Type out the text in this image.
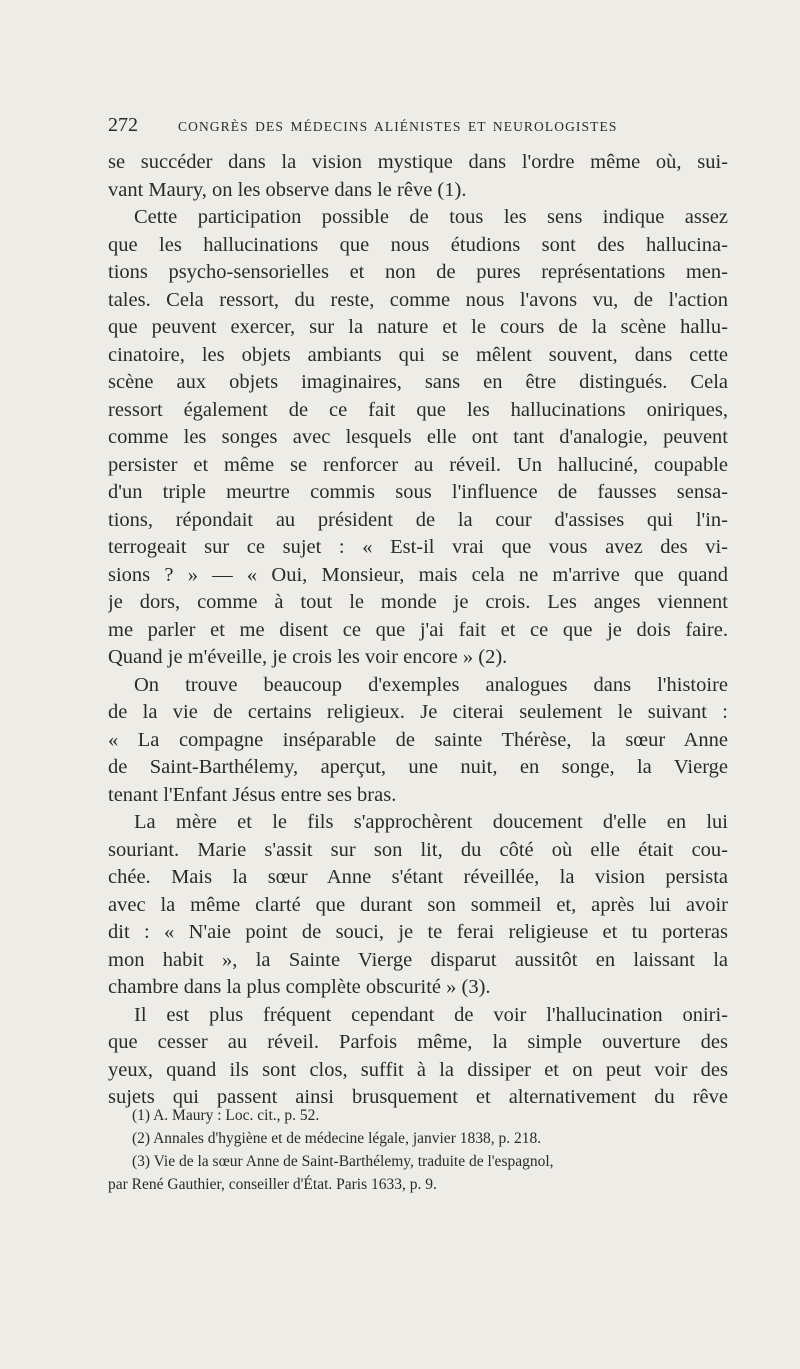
272	CONGRÈS DES MÉDECINS ALIÉNISTES ET NEUROLOGISTES
se succéder dans la vision mystique dans l'ordre même où, sui-
vant Maury, on les observe dans le rêve (1).
Cette participation possible de tous les sens indique assez
que les hallucinations que nous étudions sont des hallucina-
tions psycho-sensorielles et non de pures représentations men-
tales. Cela ressort, du reste, comme nous l'avons vu, de l'action
que peuvent exercer, sur la nature et le cours de la scène hallu-
cinatoire, les objets ambiants qui se mêlent souvent, dans cette
scène aux objets imaginaires, sans en être distingués. Cela
ressort également de ce fait que les hallucinations oniriques,
comme les songes avec lesquels elle ont tant d'analogie, peuvent
persister et même se renforcer au réveil. Un halluciné, coupable
d'un triple meurtre commis sous l'influence de fausses sensa-
tions, répondait au président de la cour d'assises qui l'in-
terrogeait sur ce sujet : « Est-il vrai que vous avez des vi-
sions ? » — « Oui, Monsieur, mais cela ne m'arrive que quand
je dors, comme à tout le monde je crois. Les anges viennent
me parler et me disent ce que j'ai fait et ce que je dois faire.
Quand je m'éveille, je crois les voir encore » (2).
On trouve beaucoup d'exemples analogues dans l'histoire
de la vie de certains religieux. Je citerai seulement le suivant :
« La compagne inséparable de sainte Thérèse, la sœur Anne
de Saint-Barthélemy, aperçut, une nuit, en songe, la Vierge
tenant l'Enfant Jésus entre ses bras.
La mère et le fils s'approchèrent doucement d'elle en lui
souriant. Marie s'assit sur son lit, du côté où elle était cou-
chée. Mais la sœur Anne s'étant réveillée, la vision persista
avec la même clarté que durant son sommeil et, après lui avoir
dit : « N'aie point de souci, je te ferai religieuse et tu porteras
mon habit », la Sainte Vierge disparut aussitôt en laissant la
chambre dans la plus complète obscurité » (3).
Il est plus fréquent cependant de voir l'hallucination oniri-
que cesser au réveil. Parfois même, la simple ouverture des
yeux, quand ils sont clos, suffit à la dissiper et on peut voir des
sujets qui passent ainsi brusquement et alternativement du rêve
(1) A. Maury : Loc. cit., p. 52.
(2) Annales d'hygiène et de médecine légale, janvier 1838, p. 218.
(3) Vie de la sœur Anne de Saint-Barthélemy, traduite de l'espagnol,
par René Gauthier, conseiller d'État. Paris 1633, p. 9.
